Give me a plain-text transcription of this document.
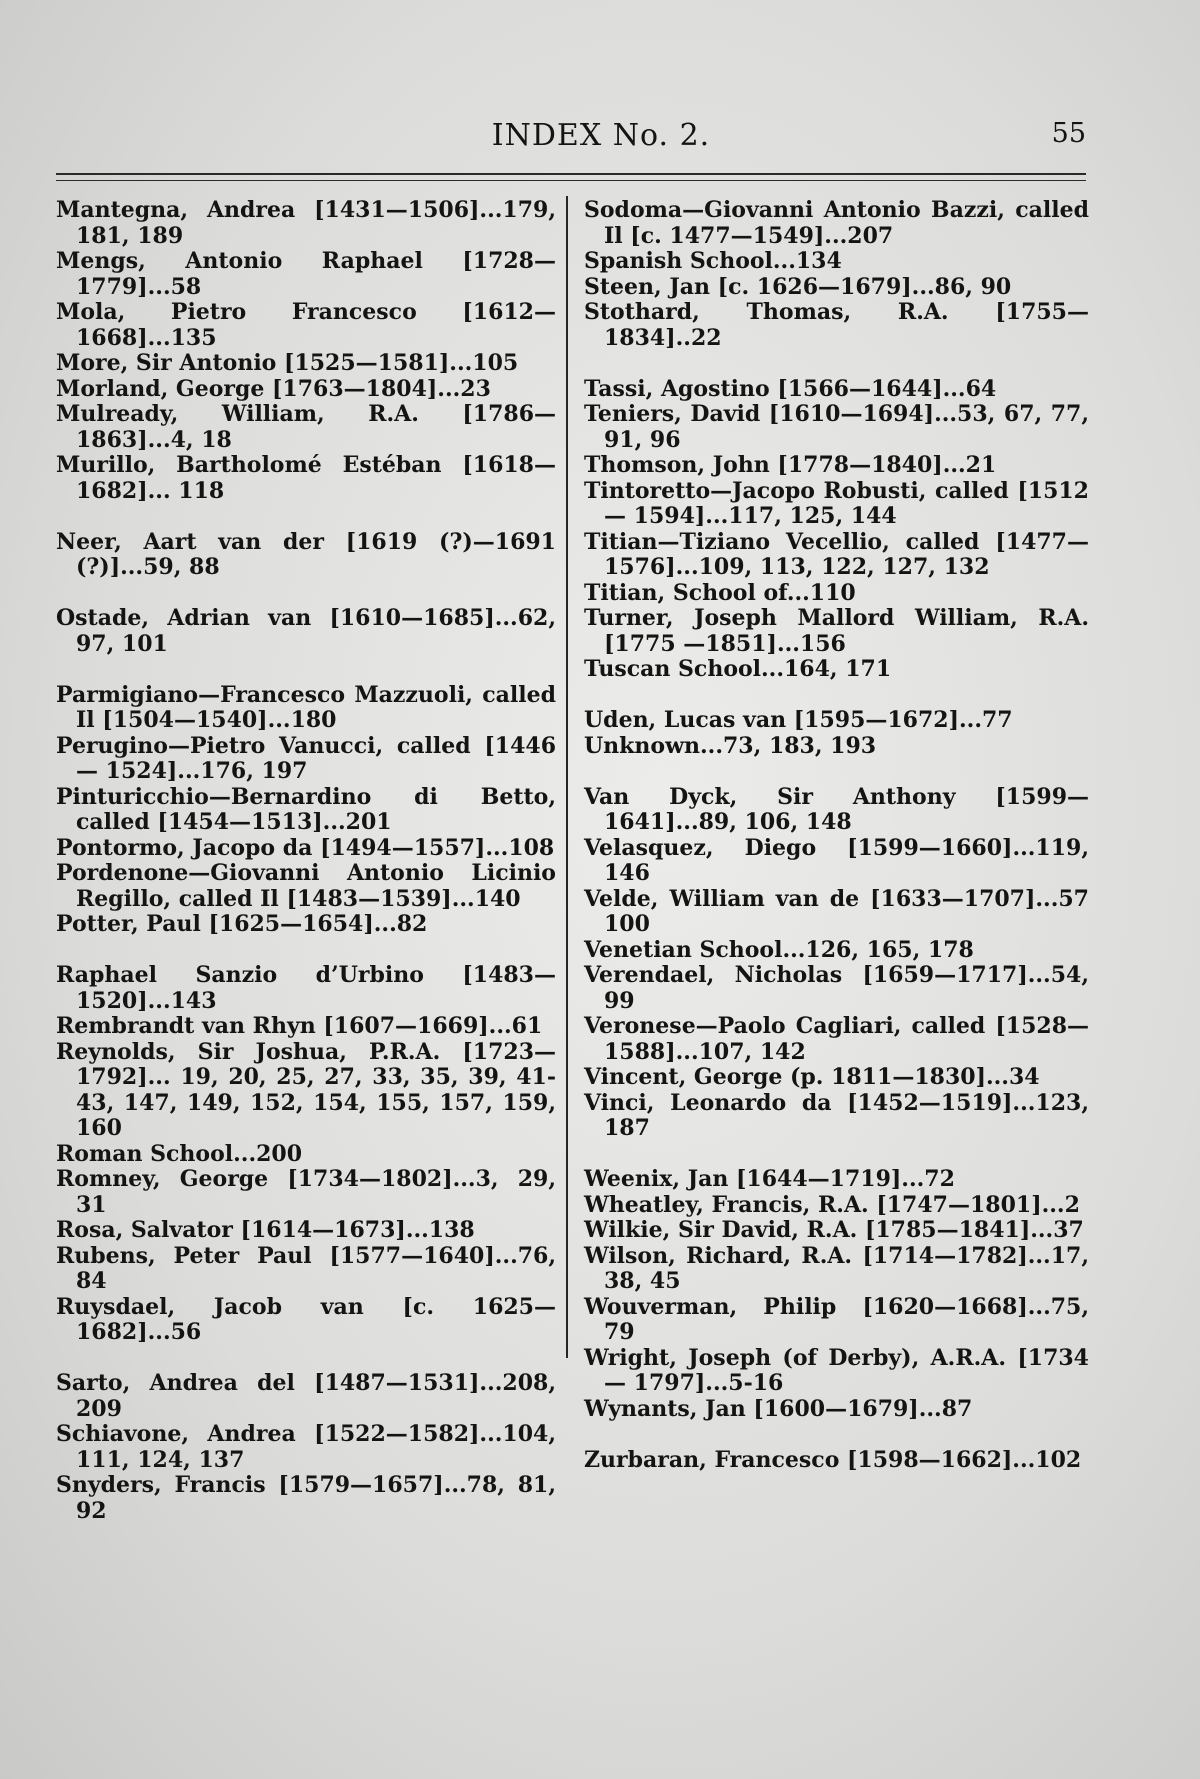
INDEX No. 2.	55
Mantegna, Andrea [1431—1506]...179, 181, 189
Mengs, Antonio Raphael [1728—1779]...58
Mola, Pietro Francesco [1612—1668]...135
More, Sir Antonio [1525—1581]...105
Morland, George [1763—1804]...23
Mulready, William, R.A. [1786—1863]...4, 18
Murillo, Bartholomé Estéban [1618—1682]... 118
Neer, Aart van der [1619 (?)—1691 (?)]...59, 88
Ostade, Adrian van [1610—1685]...62, 97, 101
Parmigiano—Francesco Mazzuoli, called Il [1504—1540]...180
Perugino—Pietro Vanucci, called [1446— 1524]...176, 197
Pinturicchio—Bernardino di Betto, called [1454—1513]...201
Pontormo, Jacopo da [1494—1557]...108
Pordenone—Giovanni Antonio Licinio Regillo, called Il [1483—1539]...140
Potter, Paul [1625—1654]...82
Raphael Sanzio d’Urbino [1483—1520]...143
Rembrandt van Rhyn [1607—1669]...61
Reynolds, Sir Joshua, P.R.A. [1723—1792]... 19, 20, 25, 27, 33, 35, 39, 41-43, 147, 149, 152, 154, 155, 157, 159, 160
Roman School...200
Romney, George [1734—1802]...3, 29, 31
Rosa, Salvator [1614—1673]...138
Rubens, Peter Paul [1577—1640]...76, 84
Ruysdael, Jacob van [c. 1625—1682]...56
Sarto, Andrea del [1487—1531]...208, 209
Schiavone, Andrea [1522—1582]...104, 111, 124, 137
Snyders, Francis [1579—1657]...78, 81, 92
Sodoma—Giovanni Antonio Bazzi, called Il [c. 1477—1549]...207
Spanish School...134
Steen, Jan [c. 1626—1679]...86, 90
Stothard, Thomas, R.A. [1755—1834]..22
Tassi, Agostino [1566—1644]...64
Teniers, David [1610—1694]...53, 67, 77, 91, 96
Thomson, John [1778—1840]...21
Tintoretto—Jacopo Robusti, called [1512— 1594]...117, 125, 144
Titian—Tiziano Vecellio, called [1477— 1576]...109, 113, 122, 127, 132
Titian, School of...110
Turner, Joseph Mallord William, R.A. [1775 —1851]...156
Tuscan School...164, 171
Uden, Lucas van [1595—1672]...77
Unknown...73, 183, 193
Van Dyck, Sir Anthony [1599—1641]...89, 106, 148
Velasquez, Diego [1599—1660]...119, 146
Velde, William van de [1633—1707]...57 100
Venetian School...126, 165, 178
Verendael, Nicholas [1659—1717]...54, 99
Veronese—Paolo Cagliari, called [1528— 1588]...107, 142
Vincent, George (p. 1811—1830]...34
Vinci, Leonardo da [1452—1519]...123, 187
Weenix, Jan [1644—1719]...72
Wheatley, Francis, R.A. [1747—1801]...2
Wilkie, Sir David, R.A. [1785—1841]...37
Wilson, Richard, R.A. [1714—1782]...17, 38, 45
Wouverman, Philip [1620—1668]...75, 79
Wright, Joseph (of Derby), A.R.A. [1734— 1797]...5-16
Wynants, Jan [1600—1679]...87
Zurbaran, Francesco [1598—1662]...102
